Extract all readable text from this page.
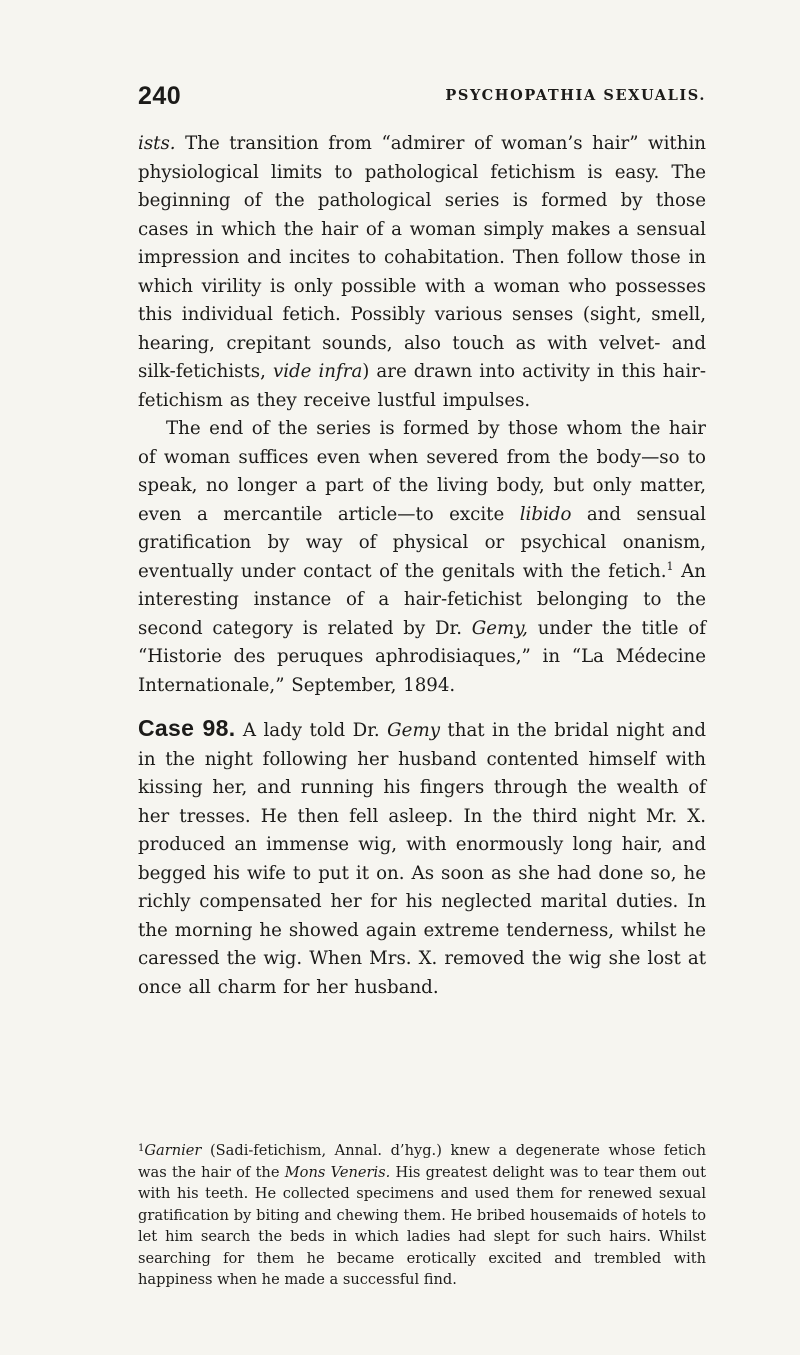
240	PSYCHOPATHIA SEXUALIS.

ists. The transition from “admirer of woman’s hair” within physiological limits to pathological fetichism is easy. The beginning of the pathological series is formed by those cases in which the hair of a woman simply makes a sensual impression and incites to cohabitation. Then follow those in which virility is only possible with a woman who possesses this individual fetich. Possibly various senses (sight, smell, hearing, crepitant sounds, also touch as with velvet- and silk-fetichists, vide infra) are drawn into activity in this hair-fetichism as they receive lustful impulses.

The end of the series is formed by those whom the hair of woman suffices even when severed from the body—so to speak, no longer a part of the living body, but only matter, even a mercantile article—to excite libido and sensual gratification by way of physical or psychical onanism, eventually under contact of the genitals with the fetich.$^1$ An interesting instance of a hair-fetichist belonging to the second category is related by Dr. Gemy, under the title of “Historie des peruques aphrodisiaques,” in “La Médecine Internationale,” September, 1894.

Case 98. A lady told Dr. Gemy that in the bridal night and in the night following her husband contented himself with kissing her, and running his fingers through the wealth of her tresses. He then fell asleep. In the third night Mr. X. produced an immense wig, with enormously long hair, and begged his wife to put it on. As soon as she had done so, he richly compensated her for his neglected marital duties. In the morning he showed again extreme tenderness, whilst he caressed the wig. When Mrs. X. removed the wig she lost at once all charm for her husband.

$^1$Garnier (Sadi-fetichism, Annal. d’hyg.) knew a degenerate whose fetich was the hair of the Mons Veneris. His greatest delight was to tear them out with his teeth. He collected specimens and used them for renewed sexual gratification by biting and chewing them. He bribed housemaids of hotels to let him search the beds in which ladies had slept for such hairs. Whilst searching for them he became erotically excited and trembled with happiness when he made a successful find.
